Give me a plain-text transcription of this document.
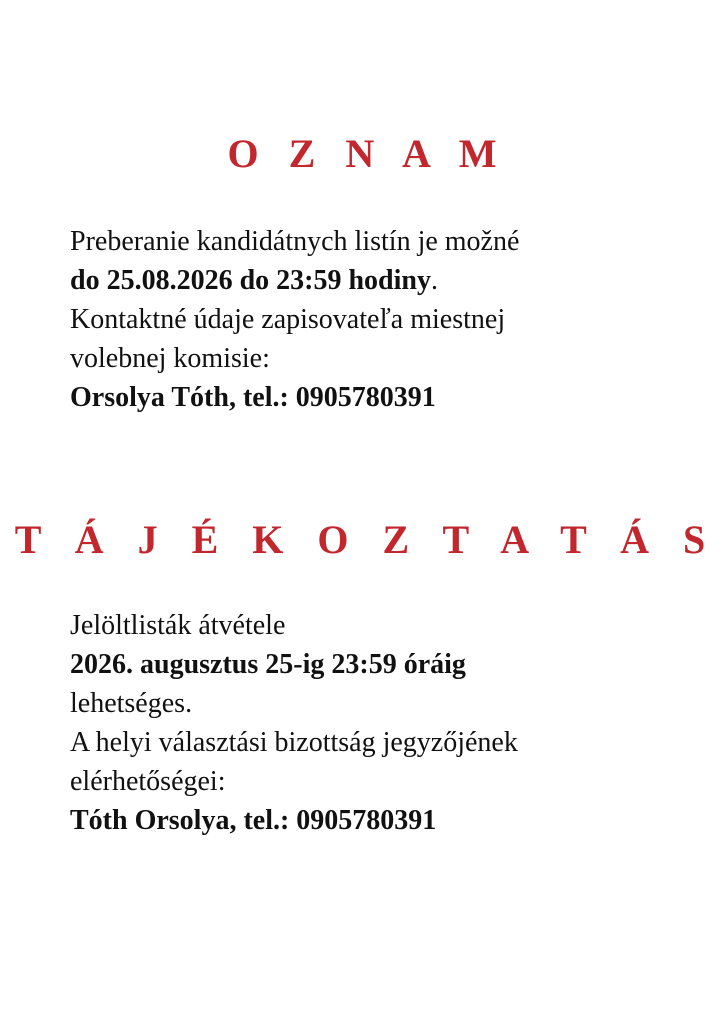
O Z N A M
Preberanie kandidátnych listín je možné
do 25.08.2026 do 23:59 hodiny.
Kontaktné údaje zapisovateľa miestnej
volebnej komisie:
Orsolya Tóth, tel.: 0905780391
T Á J É K O Z T A T Á S
Jelöltlisták átvétele
2026. augusztus 25-ig 23:59 óráig
lehetséges.
A helyi választási bizottság jegyzőjének
elérhetőségei:
Tóth Orsolya, tel.: 0905780391
